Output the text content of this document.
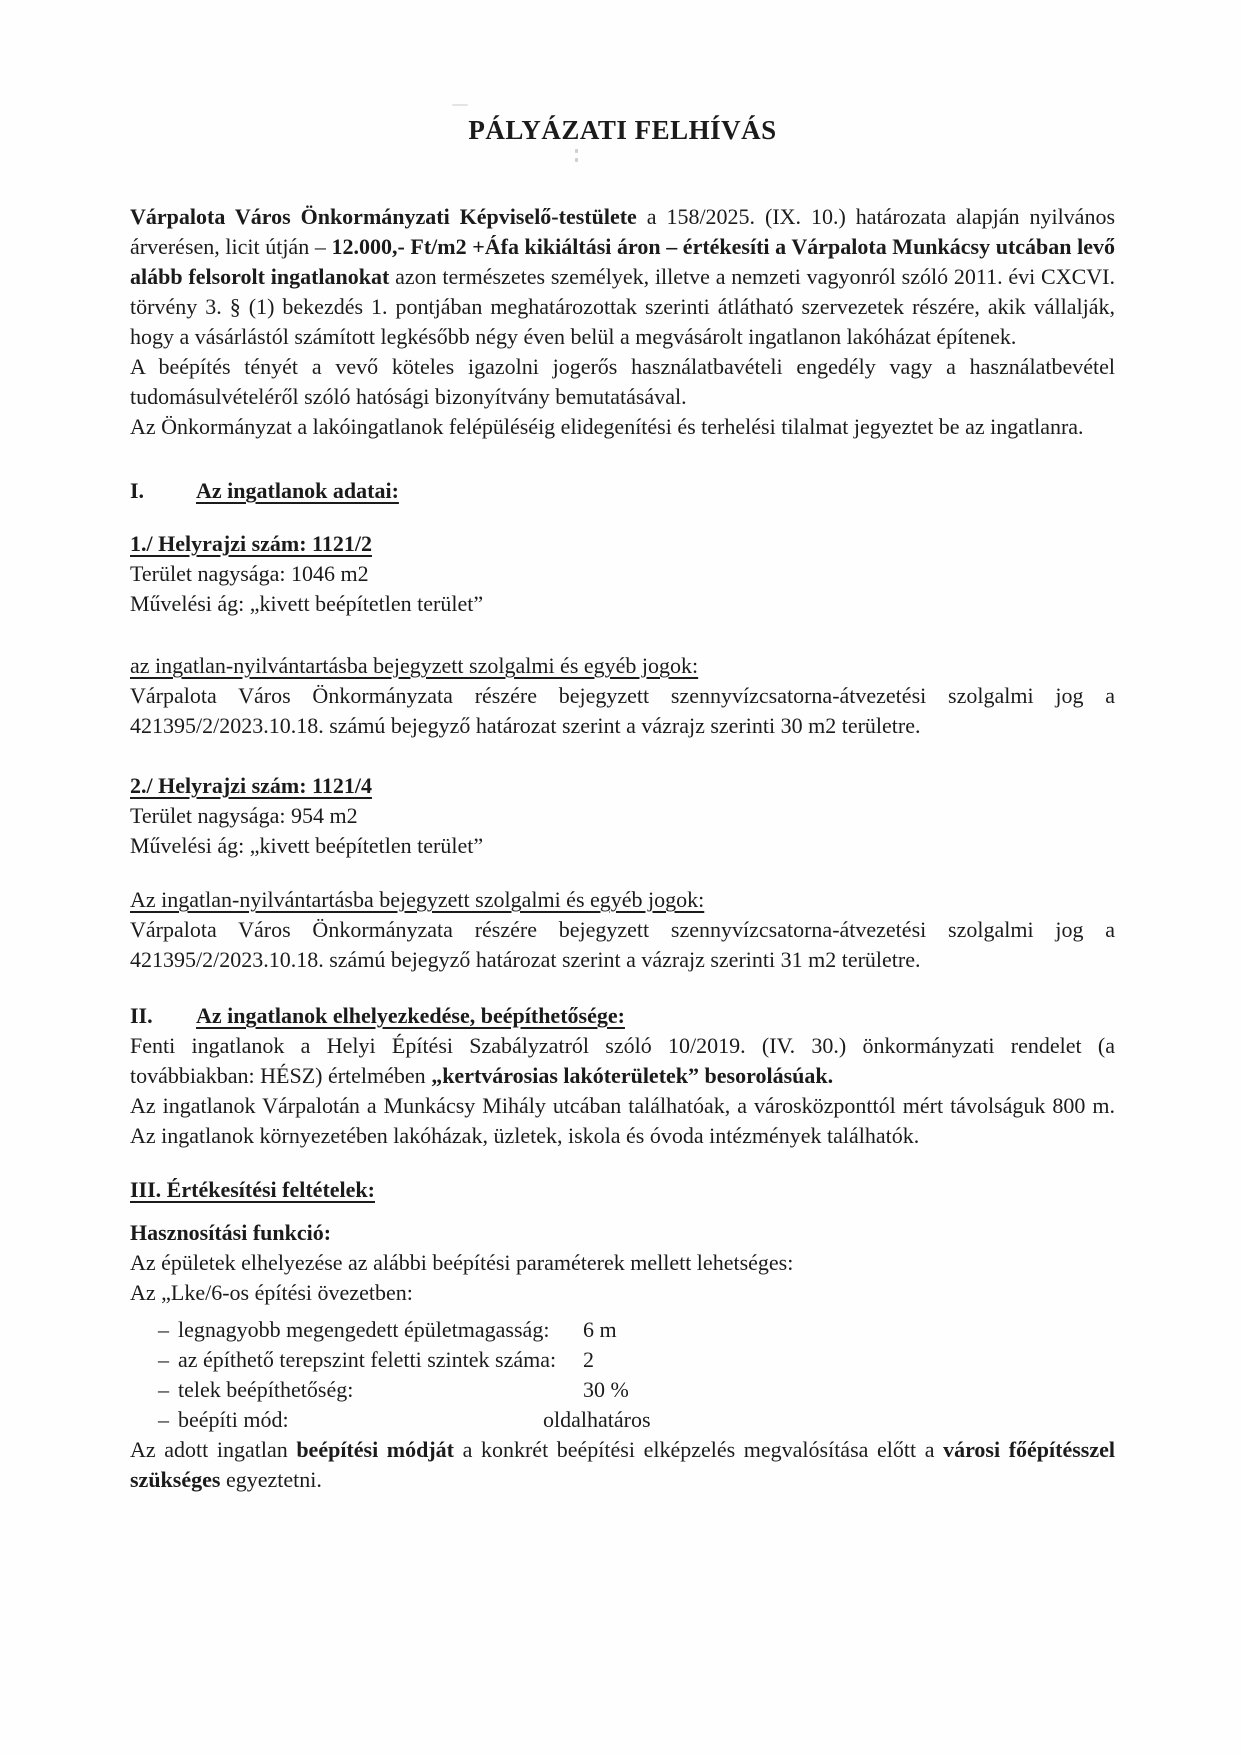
PÁLYÁZATI FELHÍVÁS

Várpalota Város Önkormányzati Képviselő-testülete a 158/2025. (IX. 10.) határozata alapján nyilvános árverésen, licit útján – 12.000,- Ft/m2 +Áfa kikiáltási áron – értékesíti a Várpalota Munkácsy utcában levő alább felsorolt ingatlanokat azon természetes személyek, illetve a nemzeti vagyonról szóló 2011. évi CXCVI. törvény 3. § (1) bekezdés 1. pontjában meghatározottak szerinti átlátható szervezetek részére, akik vállalják, hogy a vásárlástól számított legkésőbb négy éven belül a megvásárolt ingatlanon lakóházat építenek.

A beépítés tényét a vevő köteles igazolni jogerős használatbavételi engedély vagy a használatbevétel tudomásulvételéről szóló hatósági bizonyítvány bemutatásával.

Az Önkormányzat a lakóingatlanok felépüléséig elidegenítési és terhelési tilalmat jegyeztet be az ingatlanra.

I.	Az ingatlanok adatai:
1./ Helyrajzi szám: 1121/2

Terület nagysága: 1046 m2

Művelési ág: „kivett beépítetlen terület”

az ingatlan-nyilvántartásba bejegyzett szolgalmi és egyéb jogok:

Várpalota Város Önkormányzata részére bejegyzett szennyvízcsatorna-átvezetési szolgalmi jog a 421395/2/2023.10.18. számú bejegyző határozat szerint a vázrajz szerinti 30 m2 területre.

2./ Helyrajzi szám: 1121/4

Terület nagysága: 954 m2

Művelési ág: „kivett beépítetlen terület”

Az ingatlan-nyilvántartásba bejegyzett szolgalmi és egyéb jogok:

Várpalota Város Önkormányzata részére bejegyzett szennyvízcsatorna-átvezetési szolgalmi jog a 421395/2/2023.10.18. számú bejegyző határozat szerint a vázrajz szerinti 31 m2 területre.

II.	Az ingatlanok elhelyezkedése, beépíthetősége:

Fenti ingatlanok a Helyi Építési Szabályzatról szóló 10/2019. (IV. 30.) önkormányzati rendelet (a továbbiakban: HÉSZ) értelmében „kertvárosias lakóterületek” besorolásúak.

Az ingatlanok Várpalotán a Munkácsy Mihály utcában találhatóak, a városközponttól mért távolságuk 800 m. Az ingatlanok környezetében lakóházak, üzletek, iskola és óvoda intézmények találhatók.

III. Értékesítési feltételek:
Hasznosítási funkció:

Az épületek elhelyezése az alábbi beépítési paraméterek mellett lehetséges:

Az „Lke/6-os építési övezetben:

– legnagyobb megengedett épületmagasság:	6 m
– az építhető terepszint feletti szintek száma:	2
– telek beépíthetőség:	30 %
– beépíti mód:	oldalhatáros

Az adott ingatlan beépítési módját a konkrét beépítési elképzelés megvalósítása előtt a városi főépítésszel szükséges egyeztetni.
